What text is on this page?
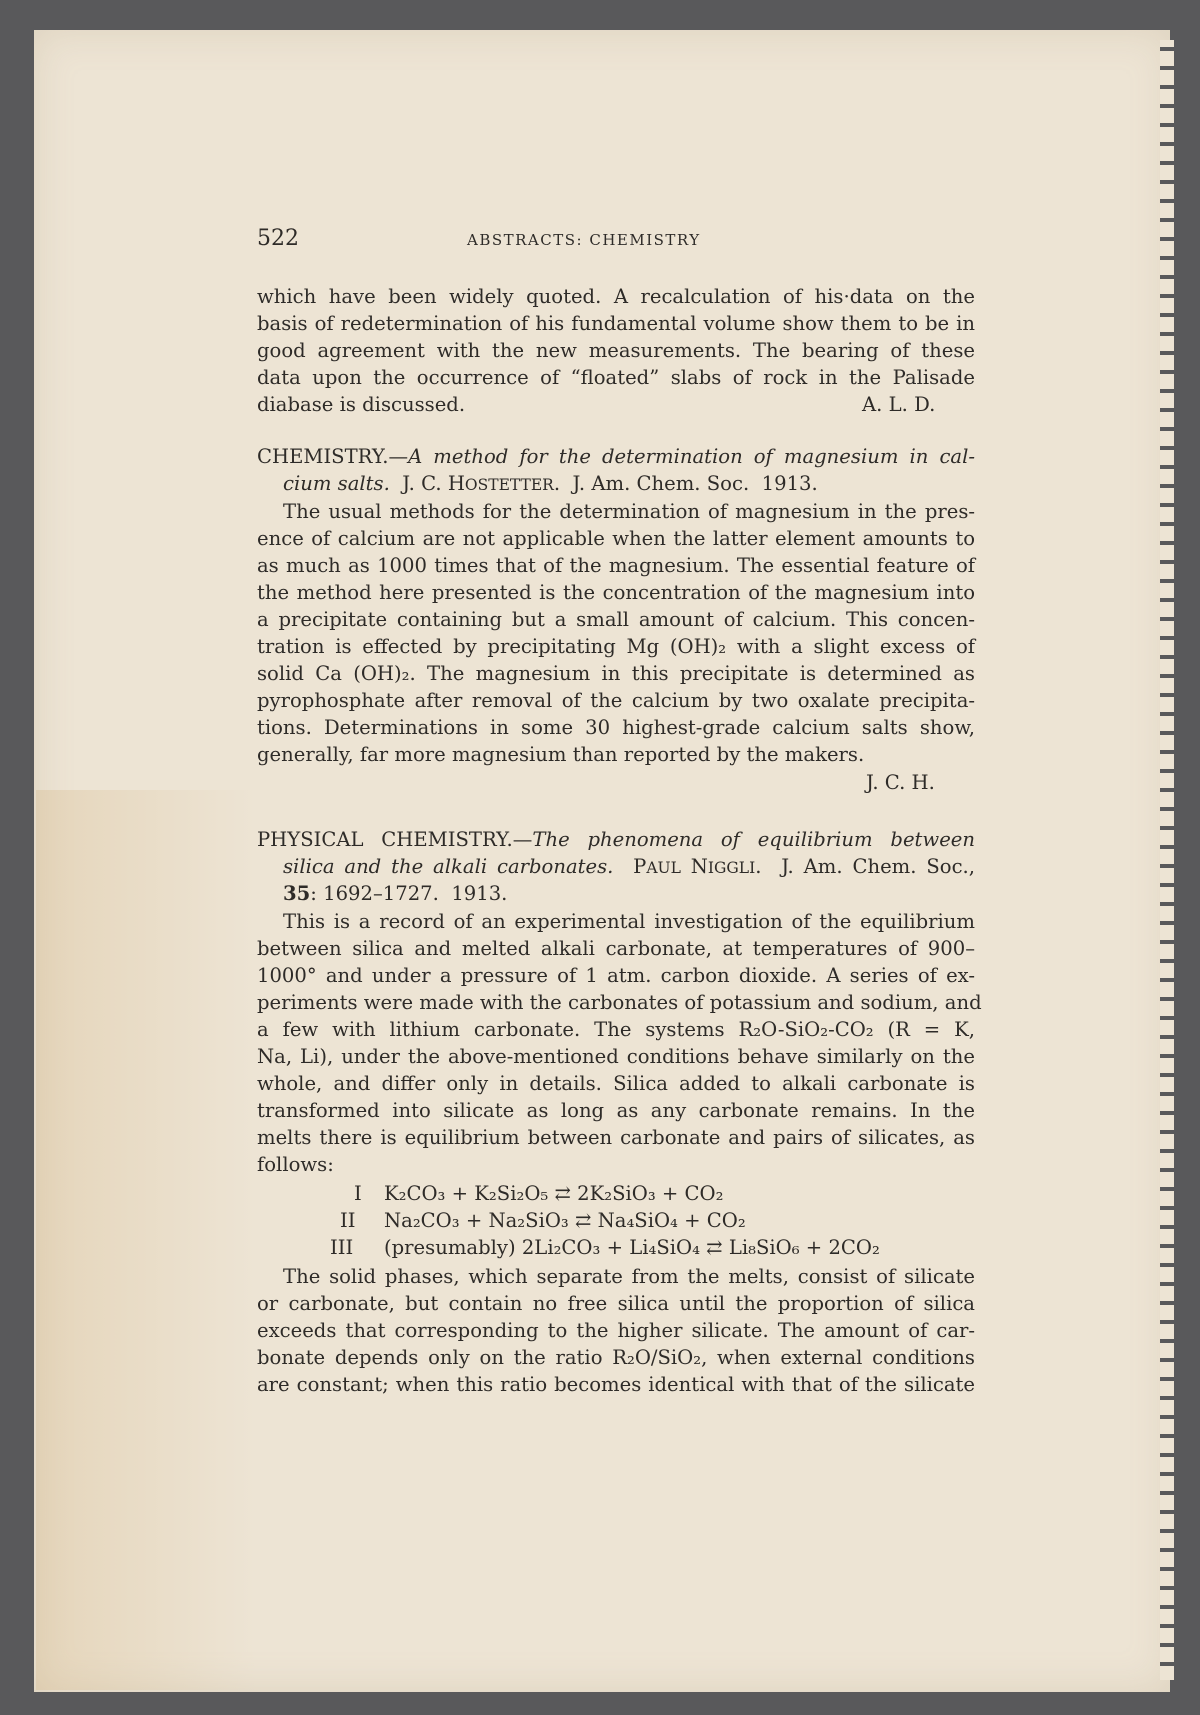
522	ABSTRACTS: CHEMISTRY
which have been widely quoted. A recalculation of his·data on the
basis of redetermination of his fundamental volume show them to be in
good agreement with the new measurements. The bearing of these
data upon the occurrence of “floated” slabs of rock in the Palisade
diabase is discussed.	A. L. D.
CHEMISTRY.—A method for the determination of magnesium in cal-
cium salts.  J. C. HOSTETTER.  J. Am. Chem. Soc.  1913.
The usual methods for the determination of magnesium in the pres-
ence of calcium are not applicable when the latter element amounts to
as much as 1000 times that of the magnesium. The essential feature of
the method here presented is the concentration of the magnesium into
a precipitate containing but a small amount of calcium. This concen-
tration is effected by precipitating Mg (OH)₂ with a slight excess of
solid Ca (OH)₂. The magnesium in this precipitate is determined as
pyrophosphate after removal of the calcium by two oxalate precipita-
tions. Determinations in some 30 highest-grade calcium salts show,
generally, far more magnesium than reported by the makers.
J. C. H.
PHYSICAL CHEMISTRY.—The phenomena of equilibrium between
silica and the alkali carbonates.  PAUL NIGGLI.  J. Am. Chem. Soc.,
35: 1692–1727.  1913.
This is a record of an experimental investigation of the equilibrium
between silica and melted alkali carbonate, at temperatures of 900–
1000° and under a pressure of 1 atm. carbon dioxide. A series of ex-
periments were made with the carbonates of potassium and sodium, and
a few with lithium carbonate. The systems R₂O-SiO₂-CO₂ (R = K,
Na, Li), under the above-mentioned conditions behave similarly on the
whole, and differ only in details. Silica added to alkali carbonate is
transformed into silicate as long as any carbonate remains. In the
melts there is equilibrium between carbonate and pairs of silicates, as
follows:
I K₂CO₃ + K₂Si₂O₅ ⇄ 2K₂SiO₃ + CO₂
II Na₂CO₃ + Na₂SiO₃ ⇄ Na₄SiO₄ + CO₂
III (presumably) 2Li₂CO₃ + Li₄SiO₄ ⇄ Li₈SiO₆ + 2CO₂
The solid phases, which separate from the melts, consist of silicate
or carbonate, but contain no free silica until the proportion of silica
exceeds that corresponding to the higher silicate. The amount of car-
bonate depends only on the ratio R₂O/SiO₂, when external conditions
are constant; when this ratio becomes identical with that of the silicate
